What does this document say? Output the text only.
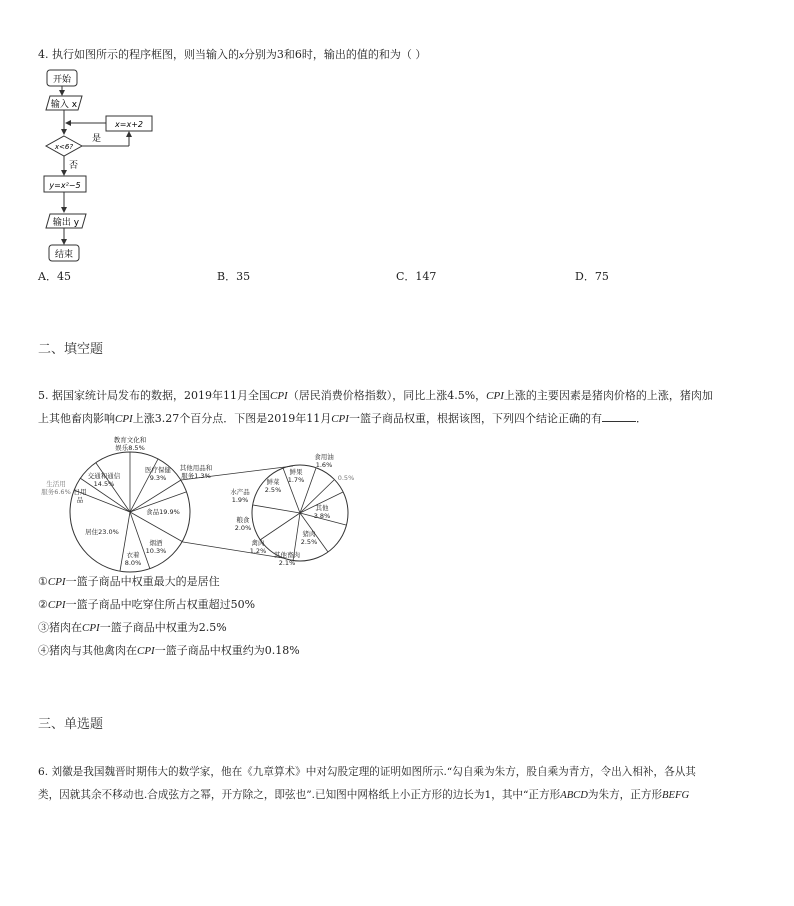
4. 执行如图所示的程序框图，则当输入的x分别为3和6时，输出的值的和为（ ）
开始
输入 x
x=x+2
x<6?
是
否
y=x²−5
输出 y
结束
A．45	B．35	C．147	D．75
二、填空题
5. 据国家统计局发布的数据，2019年11月全国CPI（居民消费价格指数），同比上涨4.5%，CPI上涨的主要因素是猪肉价格的上涨，猪肉加
上其他畜肉影响CPI上涨3.27个百分点．下图是2019年11月CPI一篮子商品权重，根据该图，下列四个结论正确的有	．
教育文化和
娱乐8.5%
医疗保健
9.3%
其他用品和
服务1.3%
交通和通信
14.5%
生活用
服务6.6% 日用
品
食品19.9%
居住23.0%
烟酒
10.3%
衣着
8.0%
食用油
1.6%
鲜果
1.7%
鲜菜
2.5%
0.5%
水产品
1.9%
其他
3.8%
粮食
2.0%
猪肉
2.5%
禽肉
1.2% 其他畜肉
2.1%
①CPI一篮子商品中权重最大的是居住
②CPI一篮子商品中吃穿住所占权重超过50%
③猪肉在CPI一篮子商品中权重为2.5%
④猪肉与其他禽肉在CPI一篮子商品中权重约为0.18%
三、单选题
6. 刘徽是我国魏晋时期伟大的数学家，他在《九章算术》中对勾股定理的证明如图所示.“勾自乘为朱方，股自乘为青方，令出入相补，各从其
类，因就其余不移动也.合成弦方之幂，开方除之，即弦也”.已知图中网格纸上小正方形的边长为1，其中“正方形ABCD为朱方，正方形BEFG
